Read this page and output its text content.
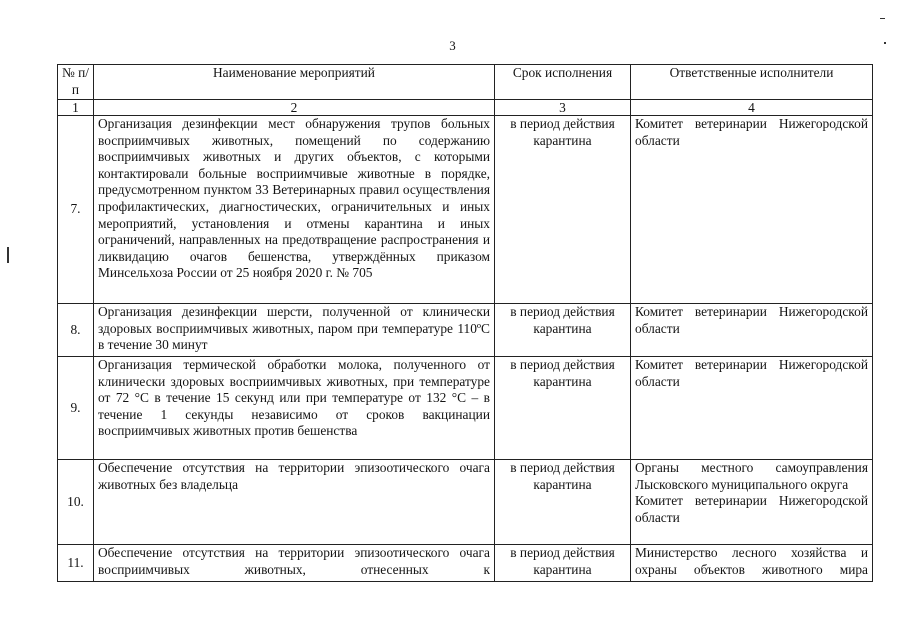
3
№ п/п	Наименование мероприятий	Срок исполнения	Ответственные исполнители
1	2	3	4
7.	Организация дезинфекции мест обнаружения трупов больных восприимчивых животных, помещений по содержанию восприимчивых животных и других объектов, с которыми контактировали больные восприимчивые животные в порядке, предусмотренном пунктом 33 Ветеринарных правил осуществления профилактических, диагностических, ограничительных и иных мероприятий, установления и отмены карантина и иных ограничений, направленных на предотвращение распространения и ликвидацию очагов бешенства, утверждённых приказом Минсельхоза России от 25 ноября 2020 г. № 705	в период действия карантина	Комитет ветеринарии Нижегородской области

8.	Организация дезинфекции шерсти, полученной от клинически здоровых восприимчивых животных, паром при температуре 110ºС в течение 30 минут	в период действия карантина	Комитет ветеринарии Нижегородской области

9.	Организация термической обработки молока, полученного от клинически здоровых восприимчивых животных, при температуре от 72 °С в течение 15 секунд или при температуре от 132 °С – в течение 1 секунды независимо от сроков вакцинации восприимчивых животных против бешенства	в период действия карантина	Комитет ветеринарии Нижегородской области

10.	Обеспечение отсутствия на территории эпизоотического очага животных без владельца	в период действия карантина	Органы местного самоуправления Лысковского муниципального округа
Комитет ветеринарии Нижегородской области

11.	Обеспечение отсутствия на территории эпизоотического очага восприимчивых животных, отнесенных к	в период действия карантина	Министерство лесного хозяйства и охраны объектов животного мира
